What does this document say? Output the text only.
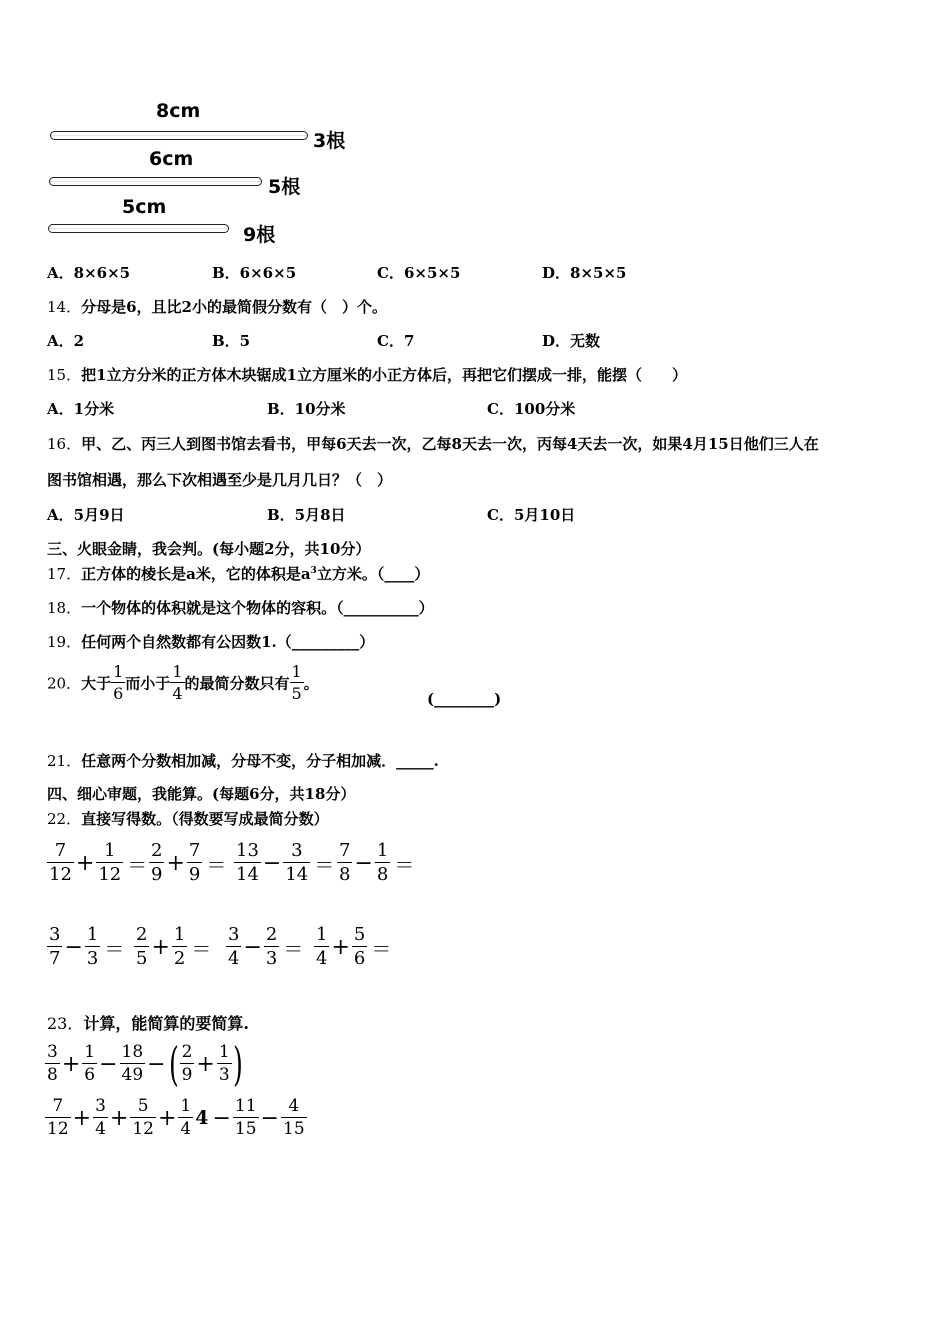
8cm
3根
6cm
5根
5cm
9根
A．8×6×5	B．6×6×5	C．6×5×5	D．8×5×5
14．分母是6，且比2小的最简假分数有（　）个。
A．2	B．5	C．7	D．无数
15．把1立方分米的正方体木块锯成1立方厘米的小正方体后，再把它们摆成一排，能摆（　　）
A．1分米	B．10分米	C．100分米
16．甲、乙、丙三人到图书馆去看书，甲每6天去一次，乙每8天去一次，丙每4天去一次，如果4月15日他们三人在
图书馆相遇，那么下次相遇至少是几月几日？（　）
A．5月9日	B．5月8日	C．5月10日
三、火眼金睛，我会判。(每小题2分，共10分）
17．正方体的棱长是a米，它的体积是$a^3$立方米。（____）
18．一个物体的体积就是这个物体的容积。（__________）
19．任何两个自然数都有公因数1.（_________）
20．大于 $\frac{1}{6}$ 而小于 $\frac{1}{4}$ 的最简分数只有 $\frac{1}{5}$ 。
(________)
21．任意两个分数相加减，分母不变，分子相加减．_____.
四、细心审题，我能算。(每题6分，共18分）
22．直接写得数。（得数要写成最简分数）
$\frac{7}{12} + \frac{1}{12} = \frac{2}{9} + \frac{7}{9} = \frac{13}{14} - \frac{3}{14} = \frac{7}{8} - \frac{1}{8}$ ＝
$\frac{3}{7} - \frac{1}{3} = \frac{2}{5} + \frac{1}{2} = \frac{3}{4} - \frac{2}{3} = \frac{1}{4} + \frac{5}{6}$ ＝
23．计算，能简算的要简算.
$\frac{3}{8} + \frac{1}{6} - \frac{18}{49}$ −( $\frac{2}{9} + \frac{1}{3}$ )
$\frac{7}{12} + \frac{3}{4} + \frac{5}{12} + \frac{1}{4} 4 - \frac{11}{15} - \frac{4}{15}$
